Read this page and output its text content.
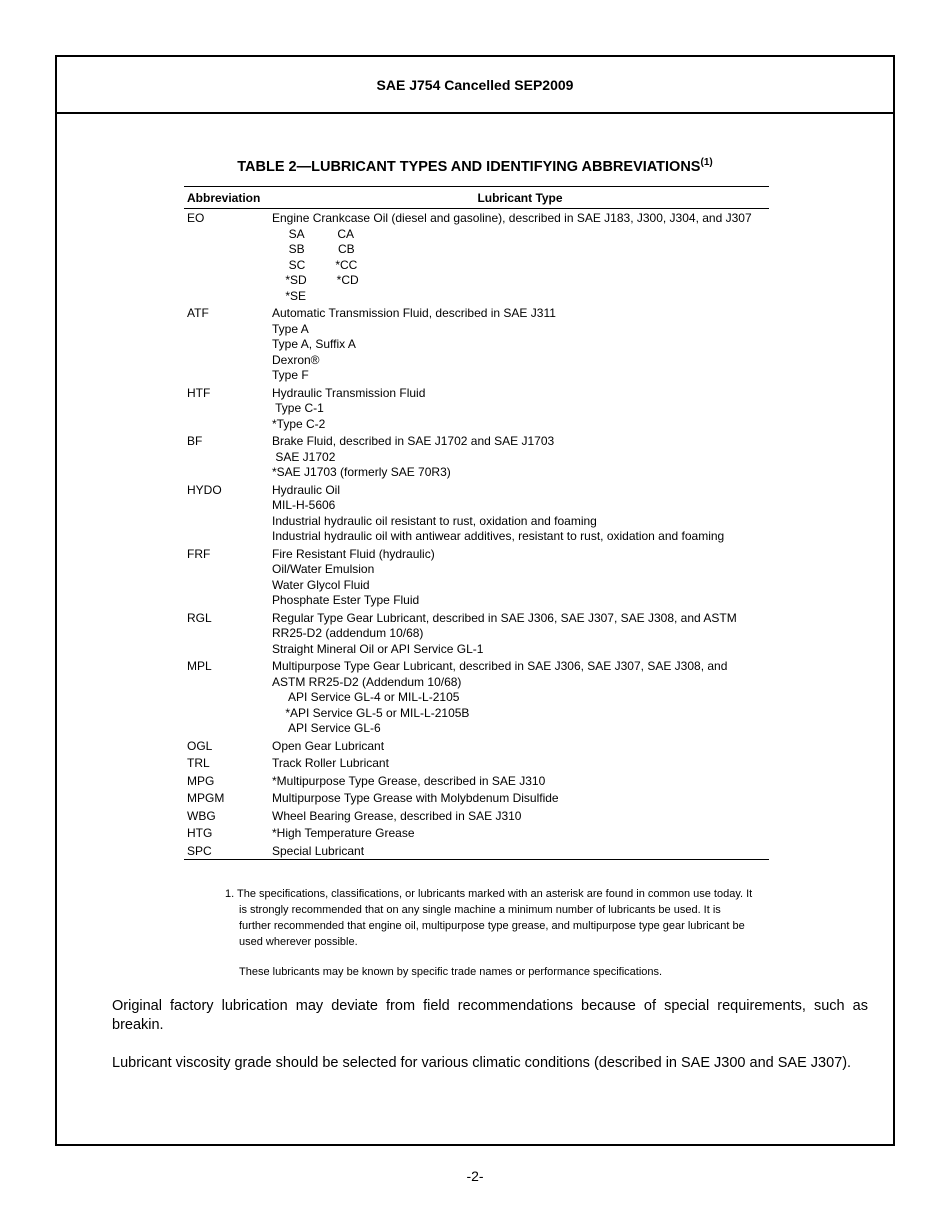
SAE J754 Cancelled SEP2009
TABLE 2—LUBRICANT TYPES AND IDENTIFYING ABBREVIATIONS$^{(1)}$
Abbreviation	Lubricant Type
EO	Engine Crankcase Oil (diesel and gasoline), described in SAE J183, J300, J304, and J307
SA          CA
SB          CB
SC         *CC
*SD         *CD
*SE
ATF	Automatic Transmission Fluid, described in SAE J311
Type A
Type A, Suffix A
Dexron®
Type F
HTF	Hydraulic Transmission Fluid
Type C-1
*Type C-2
BF	Brake Fluid, described in SAE J1702 and SAE J1703
SAE J1702
*SAE J1703 (formerly SAE 70R3)
HYDO	Hydraulic Oil
MIL-H-5606
Industrial hydraulic oil resistant to rust, oxidation and foaming
Industrial hydraulic oil with antiwear additives, resistant to rust, oxidation and foaming
FRF	Fire Resistant Fluid (hydraulic)
Oil/Water Emulsion
Water Glycol Fluid
Phosphate Ester Type Fluid
RGL	Regular Type Gear Lubricant, described in SAE J306, SAE J307, SAE J308, and ASTM
RR25-D2 (addendum 10/68)
Straight Mineral Oil or API Service GL-1
MPL	Multipurpose Type Gear Lubricant, described in SAE J306, SAE J307, SAE J308, and
ASTM RR25-D2 (Addendum 10/68)
API Service GL-4 or MIL-L-2105
*API Service GL-5 or MIL-L-2105B
API Service GL-6
OGL	Open Gear Lubricant
TRL	Track Roller Lubricant
MPG	*Multipurpose Type Grease, described in SAE J310
MPGM	Multipurpose Type Grease with Molybdenum Disulfide
WBG	Wheel Bearing Grease, described in SAE J310
HTG	*High Temperature Grease
SPC	Special Lubricant
1. The specifications, classifications, or lubricants marked with an asterisk are found in common use today. It is strongly recommended that on any single machine a minimum number of lubricants be used. It is further recommended that engine oil, multipurpose type grease, and multipurpose type gear lubricant be used wherever possible.
These lubricants may be known by specific trade names or performance specifications.
Original factory lubrication may deviate from field recommendations because of special requirements, such as breakin.
Lubricant viscosity grade should be selected for various climatic conditions (described in SAE J300 and SAE J307).
-2-
